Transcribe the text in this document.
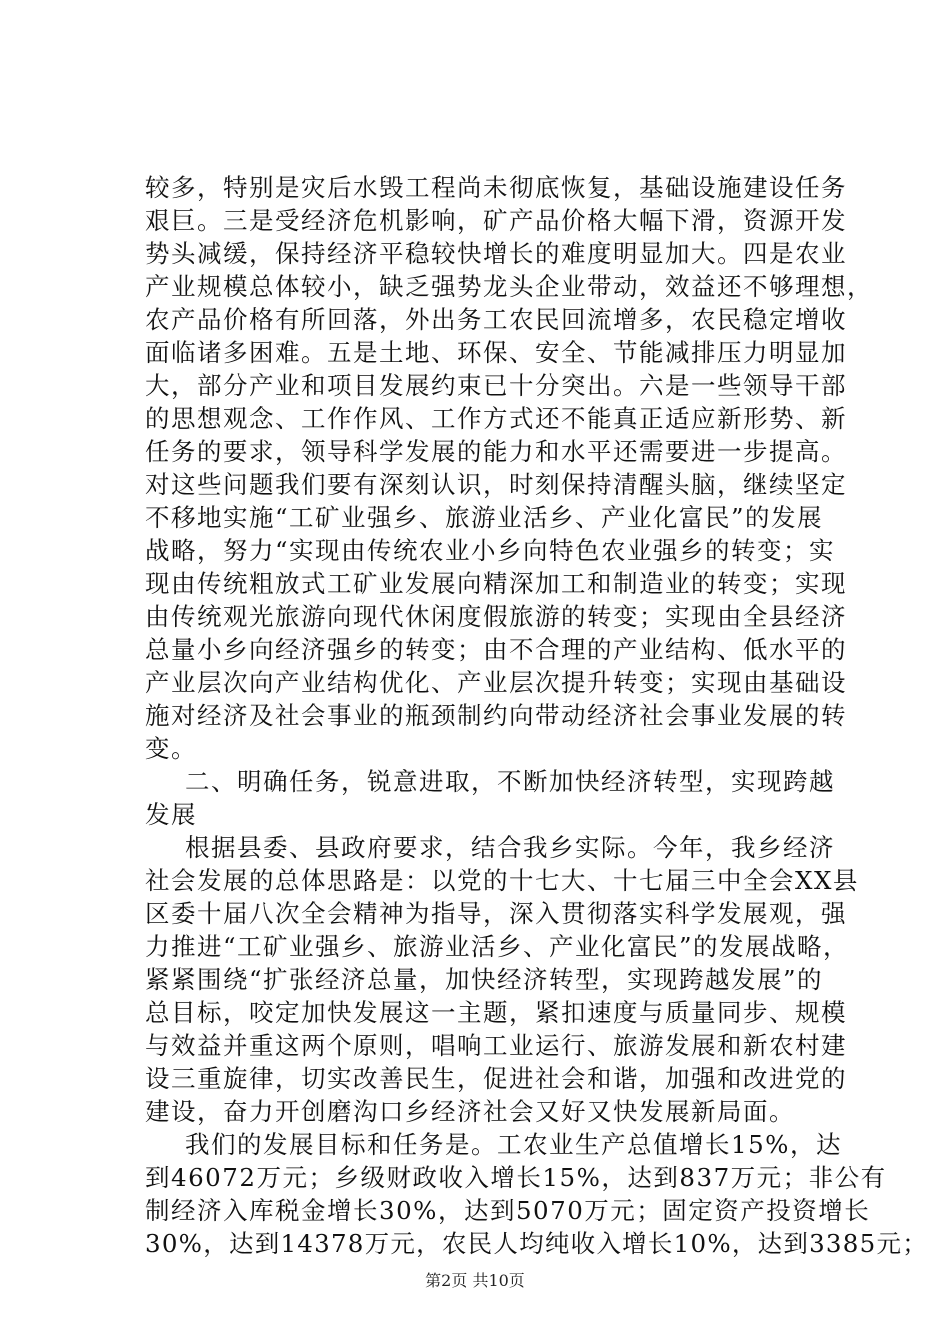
较多，特别是灾后水毁工程尚未彻底恢复，基础设施建设任务
艰巨。三是受经济危机影响，矿产品价格大幅下滑，资源开发
势头减缓，保持经济平稳较快增长的难度明显加大。四是农业
产业规模总体较小，缺乏强势龙头企业带动，效益还不够理想，
农产品价格有所回落，外出务工农民回流增多，农民稳定增收
面临诸多困难。五是土地、环保、安全、节能减排压力明显加
大，部分产业和项目发展约束已十分突出。六是一些领导干部
的思想观念、工作作风、工作方式还不能真正适应新形势、新
任务的要求，领导科学发展的能力和水平还需要进一步提高。
对这些问题我们要有深刻认识，时刻保持清醒头脑，继续坚定
不移地实施“工矿业强乡、旅游业活乡、产业化富民”的发展
战略，努力“实现由传统农业小乡向特色农业强乡的转变；实
现由传统粗放式工矿业发展向精深加工和制造业的转变；实现
由传统观光旅游向现代休闲度假旅游的转变；实现由全县经济
总量小乡向经济强乡的转变；由不合理的产业结构、低水平的
产业层次向产业结构优化、产业层次提升转变；实现由基础设
施对经济及社会事业的瓶颈制约向带动经济社会事业发展的转
变。
二、明确任务，锐意进取，不断加快经济转型，实现跨越
发展
根据县委、县政府要求，结合我乡实际。今年，我乡经济
社会发展的总体思路是：以党的十七大、十七届三中全会XX县
区委十届八次全会精神为指导，深入贯彻落实科学发展观，强
力推进“工矿业强乡、旅游业活乡、产业化富民”的发展战略，
紧紧围绕“扩张经济总量，加快经济转型，实现跨越发展”的
总目标，咬定加快发展这一主题，紧扣速度与质量同步、规模
与效益并重这两个原则，唱响工业运行、旅游发展和新农村建
设三重旋律，切实改善民生，促进社会和谐，加强和改进党的
建设，奋力开创磨沟口乡经济社会又好又快发展新局面。
我们的发展目标和任务是。工农业生产总值增长15%，达
到46072万元；乡级财政收入增长15%，达到837万元；非公有
制经济入库税金增长30%，达到5070万元；固定资产投资增长
30%，达到14378万元，农民人均纯收入增长10%，达到3385元；
第2页 共10页
